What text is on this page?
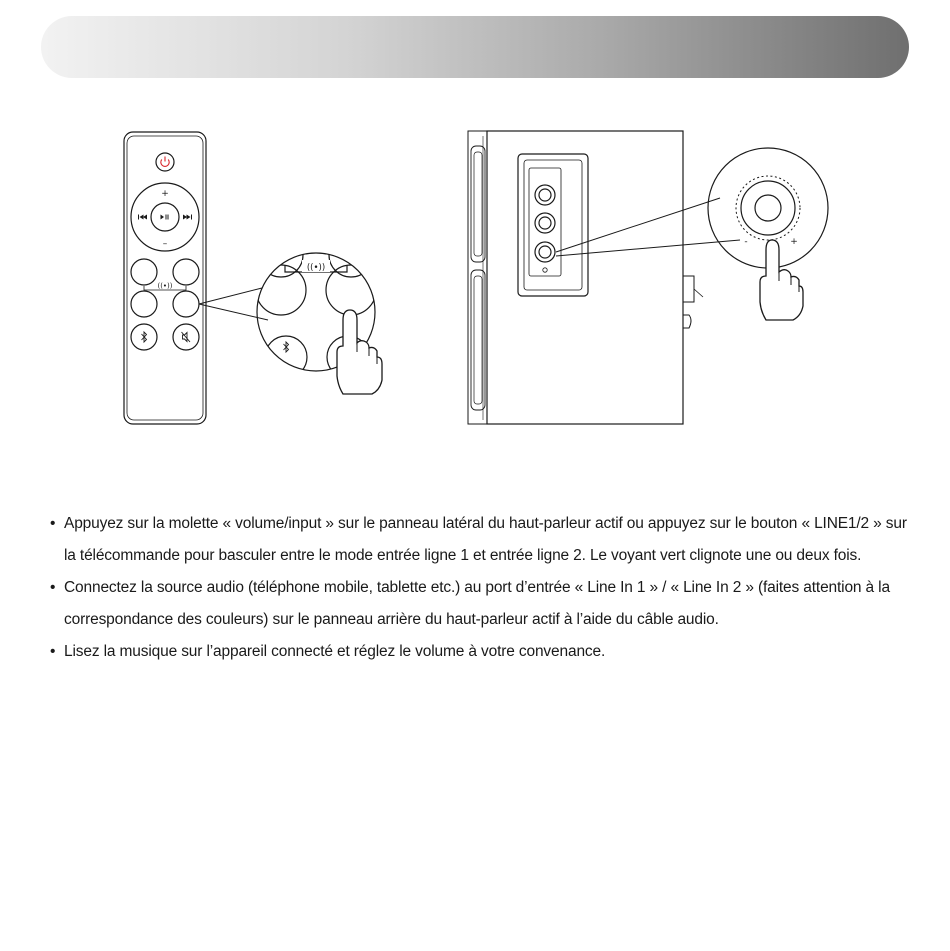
+
–
((•))
((•))
-	+
• Appuyez sur la molette « volume/input » sur le panneau latéral du haut-parleur actif ou appuyez sur le bouton « LINE1/2 » sur la télécommande pour basculer entre le mode entrée ligne 1 et entrée ligne 2. Le voyant vert clignote une ou deux fois.
• Connectez la source audio (téléphone mobile, tablette etc.) au port d’entrée « Line In 1 » / « Line In 2 » (faites attention à la correspondance des couleurs) sur le panneau arrière du haut-parleur actif à l’aide du câble audio.
• Lisez la musique sur l’appareil connecté et réglez le volume à votre convenance.
